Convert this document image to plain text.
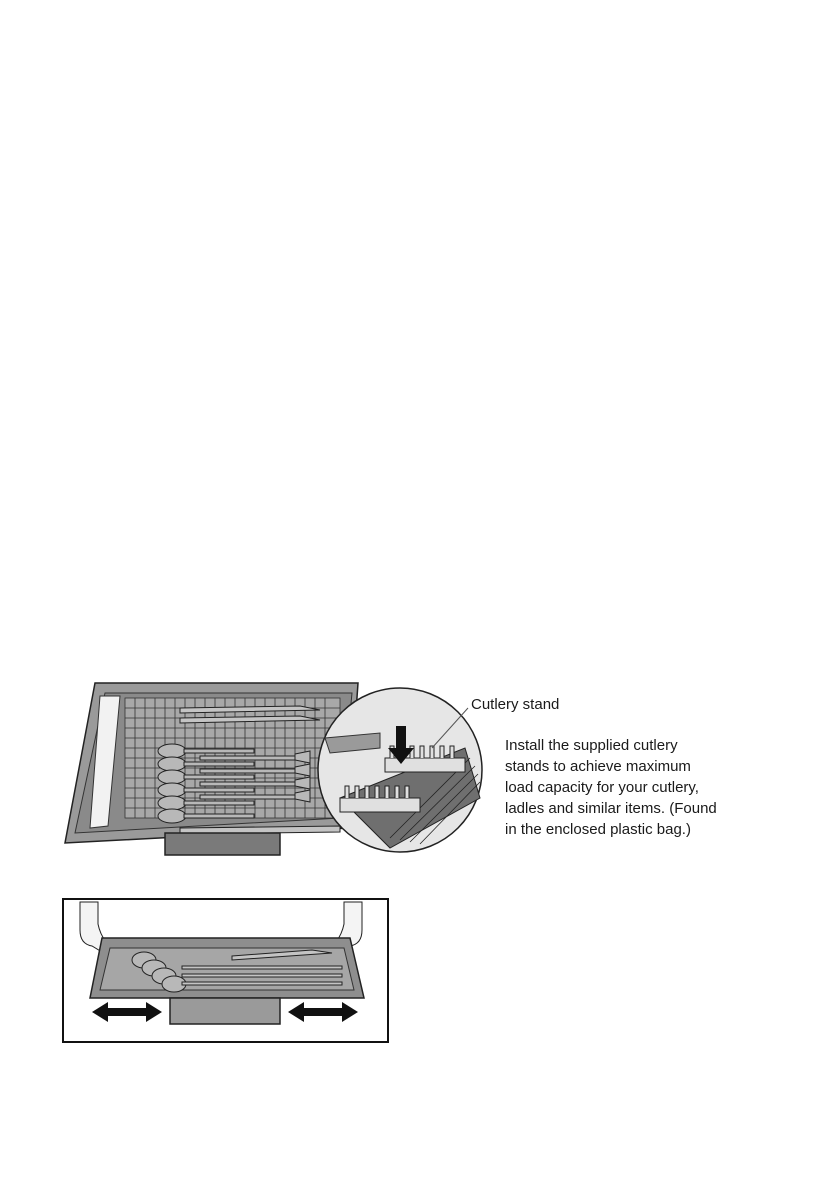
Cutlery stand
Install the supplied cutlery
stands to achieve maximum
load capacity for your cutlery,
ladles and similar items. (Found
in the enclosed plastic bag.)
